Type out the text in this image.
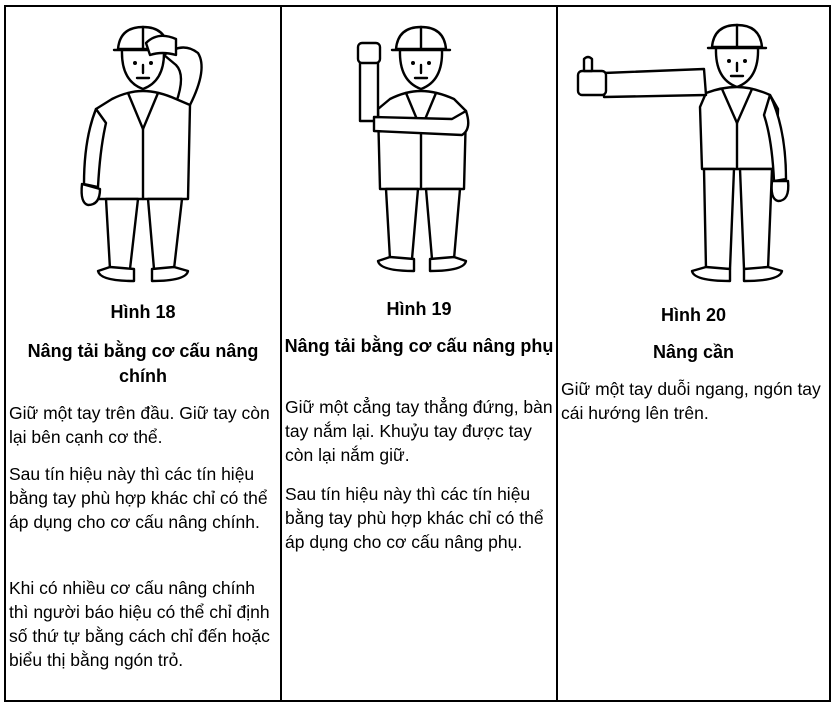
Hình 18
Nâng tải bằng cơ cấu nâng chính

Giữ một tay trên đầu. Giữ tay còn lại bên cạnh cơ thể.

Sau tín hiệu này thì các tín hiệu bằng tay phù hợp khác chỉ có thể áp dụng cho cơ cấu nâng chính.

Khi có nhiều cơ cấu nâng chính thì người báo hiệu có thể chỉ định số thứ tự bằng cách chỉ đến hoặc biểu thị bằng ngón trỏ.

Hình 19
Nâng tải bằng cơ cấu nâng phụ

Giữ một cẳng tay thẳng đứng, bàn tay nắm lại. Khuỷu tay được tay còn lại nắm giữ.

Sau tín hiệu này thì các tín hiệu bằng tay phù hợp khác chỉ có thể áp dụng cho cơ cấu nâng phụ.

Hình 20
Nâng cần

Giữ một tay duỗi ngang, ngón tay cái hướng lên trên.
